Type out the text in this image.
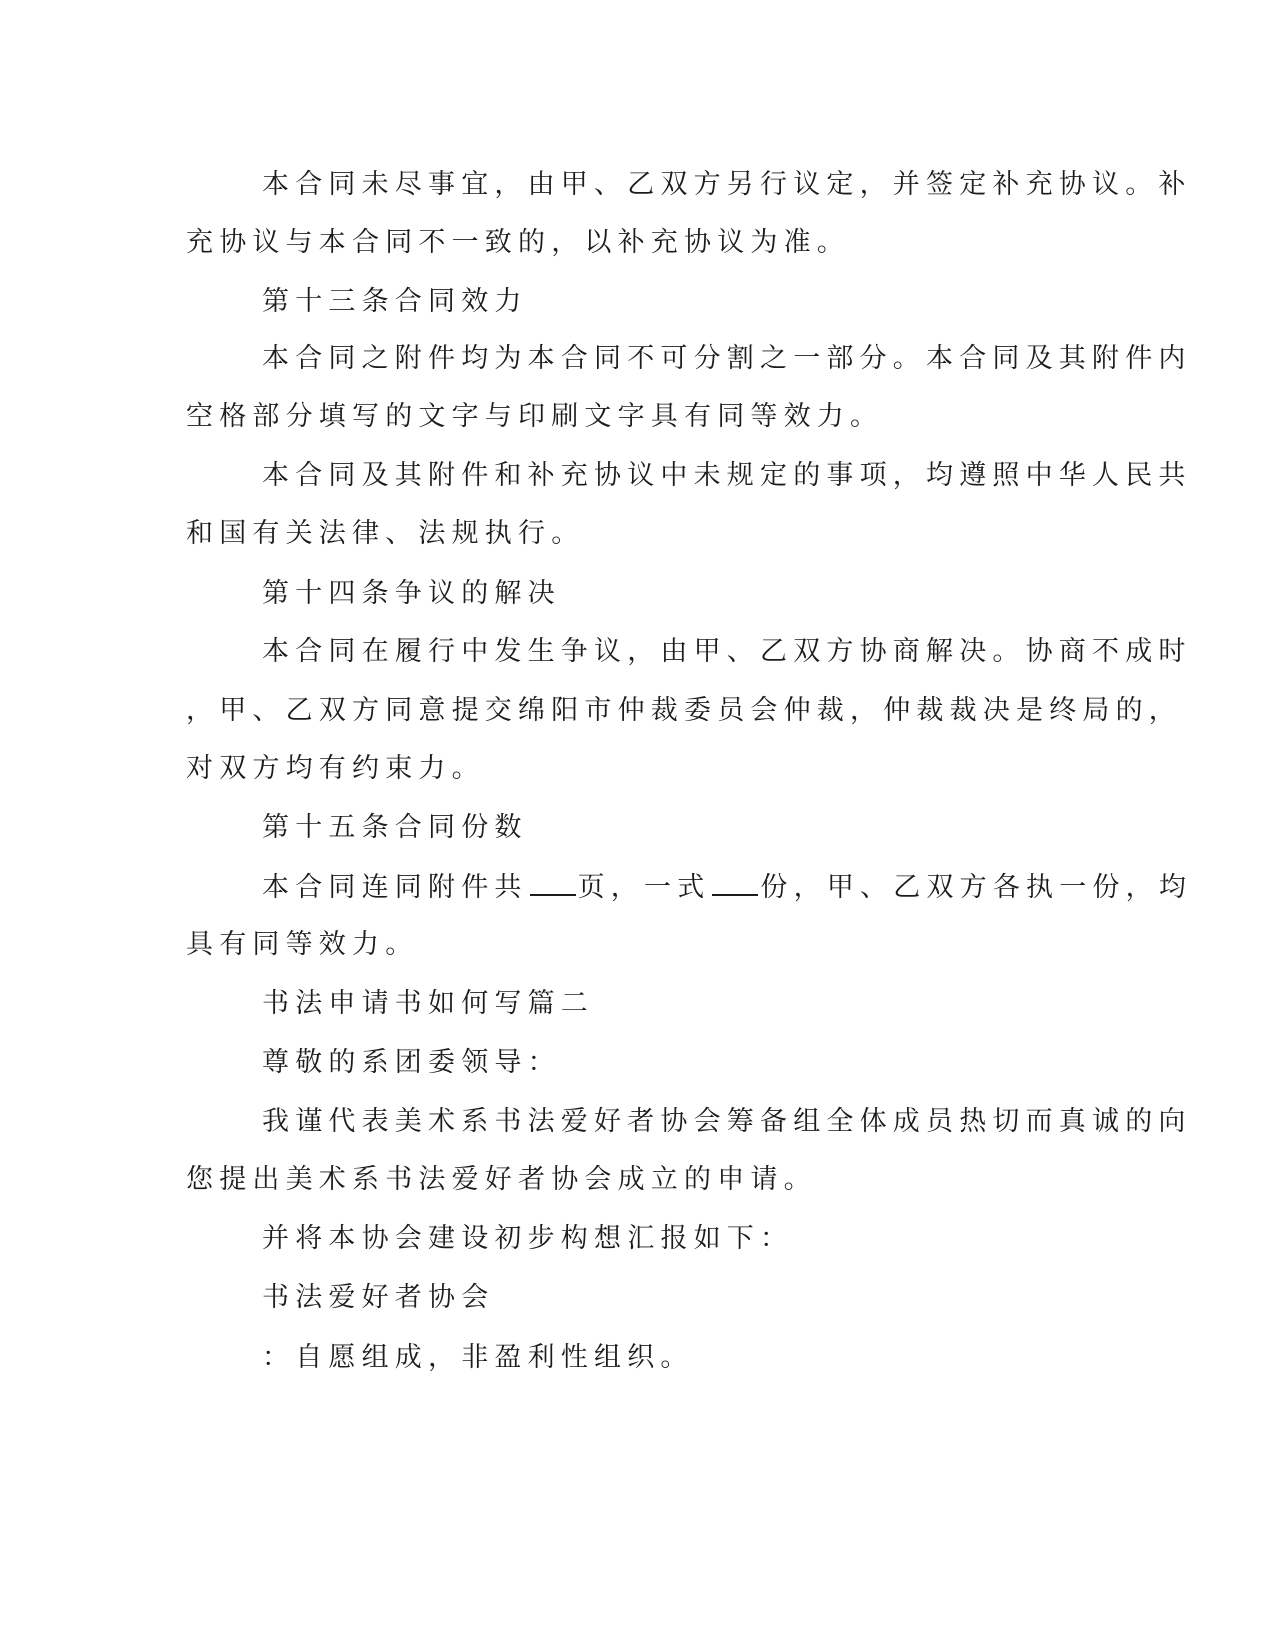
本合同未尽事宜，由甲、乙双方另行议定，并签定补充协议。补
充协议与本合同不一致的，以补充协议为准。
第十三条合同效力
本合同之附件均为本合同不可分割之一部分。本合同及其附件内
空格部分填写的文字与印刷文字具有同等效力。
本合同及其附件和补充协议中未规定的事项，均遵照中华人民共
和国有关法律、法规执行。
第十四条争议的解决
本合同在履行中发生争议，由甲、乙双方协商解决。协商不成时
，甲、乙双方同意提交绵阳市仲裁委员会仲裁，仲裁裁决是终局的，
对双方均有约束力。
第十五条合同份数
本合同连同附件共 页，一式 份，甲、乙双方各执一份，均
具有同等效力。
书法申请书如何写篇二
尊敬的系团委领导：
我谨代表美术系书法爱好者协会筹备组全体成员热切而真诚的向
您提出美术系书法爱好者协会成立的申请。
并将本协会建设初步构想汇报如下：
书法爱好者协会
：自愿组成，非盈利性组织。
